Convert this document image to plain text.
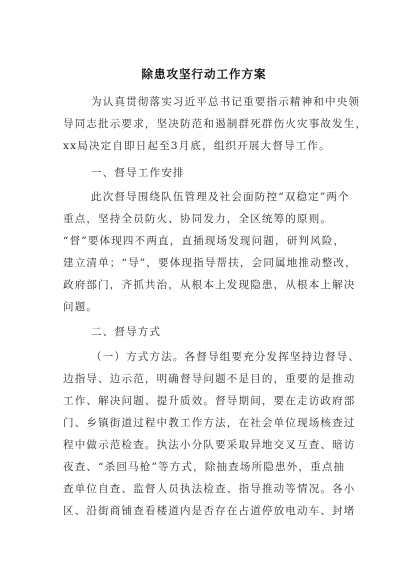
除患攻坚行动工作方案
为认真贯彻落实习近平总书记重要指示精神和中央领
导同志批示要求，坚决防范和遏制群死群伤火灾事故发生，
xx局决定自即日起至3月底，组织开展大督导工作。
一、督导工作安排
此次督导围绕队伍管理及社会面防控“双稳定”两个
重点，坚持全员防火、协同发力，全区统筹的原则。
“督”要体现四不两直，直插现场发现问题，研判风险，
建立清单；“导”，要体现指导帮扶，会同属地推动整改，
政府部门，齐抓共治，从根本上发现隐患，从根本上解决
问题。
二、督导方式
（一）方式方法。各督导组要充分发挥坚持边督导、
边指导、边示范，明确督导问题不是目的，重要的是推动
工作、解决问题、提升质效。督导期间，要在走访政府部
门、乡镇街道过程中教工作方法，在社会单位现场核查过
程中做示范检查。执法小分队要采取异地交叉互查、暗访
夜查、“杀回马枪”等方式，除抽查场所隐患外，重点抽
查单位自查、监督人员执法检查、指导推动等情况。各小
区、沿街商铺查看楼道内是否存在占道停放电动车、封堵
